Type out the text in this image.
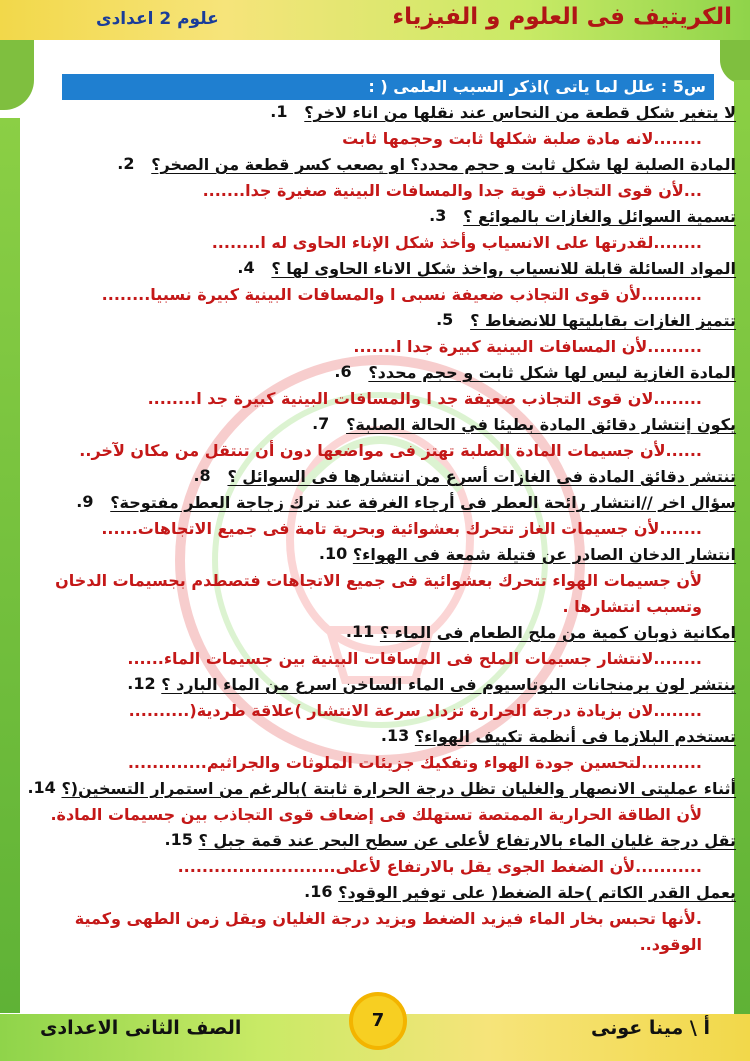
الكريتيف فى العلوم و الفيزياء
علوم 2 اعدادى
س5 : علل لما ياتى )اذكر السبب العلمى ( :
لا يتغير شكل قطعة من النحاس عند نقلها من اناء لاخر؟
.1
........لانه مادة صلبة شكلها ثابت وحجمها ثابت
المادة الصلبة لها شكل ثابت و حجم محدد؟ او يصعب كسر قطعة من الصخر؟
.2
...لأن قوى التجاذب قوية جدا والمسافات البينية صغيرة جدا.......
تسمية السوائل والغازات بالموائع ؟
.3
........لقدرتها على الانسياب وأخذ شكل الإناء الحاوى له ا........
المواد السائلة قابلة للانسياب ,واخذ شكل الاناء الحاوى لها ؟
.4
..........لأن قوى التجاذب ضعيفة نسبى ا والمسافات البينية كبيرة نسبيا........
تتميز الغازات بقابليتها للانضغاط ؟
.5
.........لأن المسافات البينية كبيرة جدا ا.......
المادة الغازية ليس لها شكل ثابت و حجم محدد؟
.6
........لان قوى التجاذب ضعيفة جد ا والمسافات البينية كبيرة جد ا........
يكون إنتشار دقائق المادة بطيئا في الحالة الصلبة؟
.7
......لأن جسيمات المادة الصلبة تهتز فى مواضعها دون أن تنتقل من مكان لآخر..
تنتشر دقائق المادة فى الغازات أسرع من انتشارها فى السوائل ؟
.8
سؤال اخر //انتشار رائحة العطر فى أرجاء الغرفة عند ترك زجاجة العطر مفتوحة؟
.9
.......لأن جسيمات الغاز تتحرك بعشوائية وبحرية تامة فى جميع الاتجاهات......
انتشار الدخان الصادر عن فتيلة شمعة فى الهواء؟
.10
لأن جسيمات الهواء تتحرك بعشوائية فى جميع الاتجاهات فتصطدم بجسيمات الدخان وتسبب انتشارها .
امكانية ذوبان كمية من ملح الطعام فى الماء ؟
.11
........لانتشار جسيمات الملح فى المسافات البينية بين جسيمات الماء......
ينتشر لون برمنجانات البوتاسيوم فى الماء الساخن اسرع من الماء البارد ؟
.12
........لان بزيادة درجة الحرارة تزداد سرعة الانتشار )علاقة طردية(..........
تستخدم البلازما فى أنظمة تكييف الهواء؟
.13
..........لتحسين جودة الهواء وتفكيك جزيئات الملوثات والجراثيم.............
أثناء عمليتى الانصهار والغليان تظل درجة الحرارة ثابتة )بالرغم من استمرار التسخين(؟
.14
لأن الطاقة الحرارية الممتصة تستهلك فى إضعاف قوى التجاذب بين جسيمات المادة.
تقل درجة غليان الماء بالارتفاع لأعلى عن سطح البحر عند قمة جبل ؟
.15
...........لأن الضغط الجوى يقل بالارتفاع لأعلى..........................
يعمل القدر الكاتم )حلة الضغط( على توفير الوقود؟
.16
.لأنها تحبس بخار الماء فيزيد الضغط ويزيد درجة الغليان ويقل زمن الطهى وكمية الوقود..
أ \ مينا عونى
الصف الثانى الاعدادى	7
